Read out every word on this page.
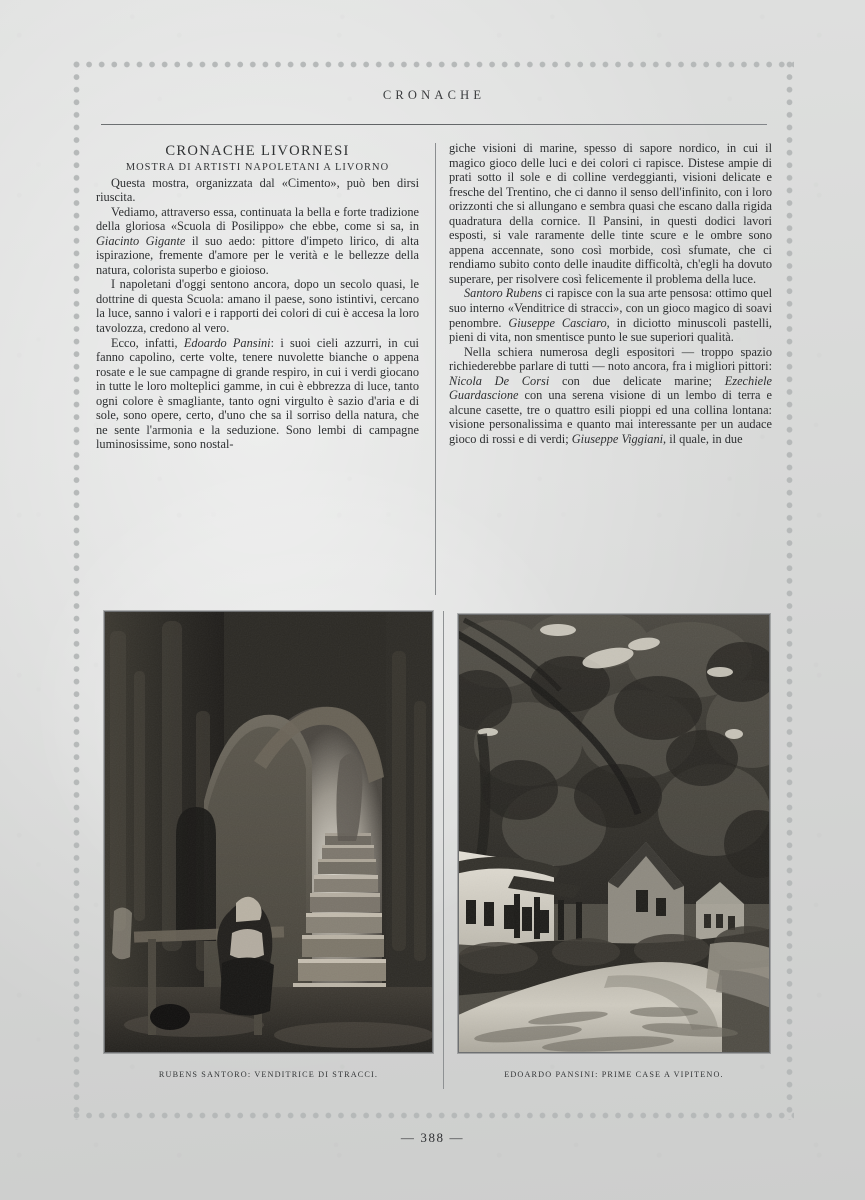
CRONACHE

CRONACHE LIVORNESI

MOSTRA DI ARTISTI NAPOLETANI A LIVORNO

Questa mostra, organizzata dal «Cimento», può ben dirsi riuscita.

Vediamo, attraverso essa, continuata la bella e forte tradizione della gloriosa «Scuola di Posilippo» che ebbe, come si sa, in Giacinto Gigante il suo aedo: pittore d'impeto lirico, di alta ispirazione, fremente d'amore per le verità e le bellezze della natura, colorista superbo e gioioso.

I napoletani d'oggi sentono ancora, dopo un secolo quasi, le dottrine di questa Scuola: amano il paese, sono istintivi, cercano la luce, sanno i valori e i rapporti dei colori di cui è accesa la loro tavolozza, credono al vero.

Ecco, infatti, Edoardo Pansini: i suoi cieli azzurri, in cui fanno capolino, certe volte, tenere nuvolette bianche o appena rosate e le sue campagne di grande respiro, in cui i verdi giocano in tutte le loro molteplici gamme, in cui è ebbrezza di luce, tanto ogni colore è smagliante, tanto ogni virgulto è sazio d'aria e di sole, sono opere, certo, d'uno che sa il sorriso della natura, che ne sente l'armonia e la seduzione. Sono lembi di campagne luminosissime, sono nostal-

giche visioni di marine, spesso di sapore nordico, in cui il magico gioco delle luci e dei colori ci rapisce. Distese ampie di prati sotto il sole e di colline verdeggianti, visioni delicate e fresche del Trentino, che ci danno il senso dell'infinito, con i loro orizzonti che si allungano e sembra quasi che escano dalla rigida quadratura della cornice. Il Pansini, in questi dodici lavori esposti, si vale raramente delle tinte scure e le ombre sono appena accennate, sono così morbide, così sfumate, che ci rendiamo subito conto delle inaudite difficoltà, ch'egli ha dovuto superare, per risolvere così felicemente il problema della luce.

Santoro Rubens ci rapisce con la sua arte pensosa: ottimo quel suo interno «Venditrice di stracci», con un gioco magico di soavi penombre. Giuseppe Casciaro, in diciotto minuscoli pastelli, pieni di vita, non smentisce punto le sue superiori qualità.

Nella schiera numerosa degli espositori — troppo spazio richiederebbe parlare di tutti — noto ancora, fra i migliori pittori: Nicola De Corsi con due delicate marine; Ezechiele Guardascione con una serena visione di un lembo di terra e alcune casette, tre o quattro esili pioppi ed una collina lontana: visione personalissima e quanto mai interessante per un audace gioco di rossi e di verdi; Giuseppe Viggiani, il quale, in due

RUBENS SANTORO: VENDITRICE DI STRACCI.	EDOARDO PANSINI: PRIME CASE A VIPITENO.
— 388 —
